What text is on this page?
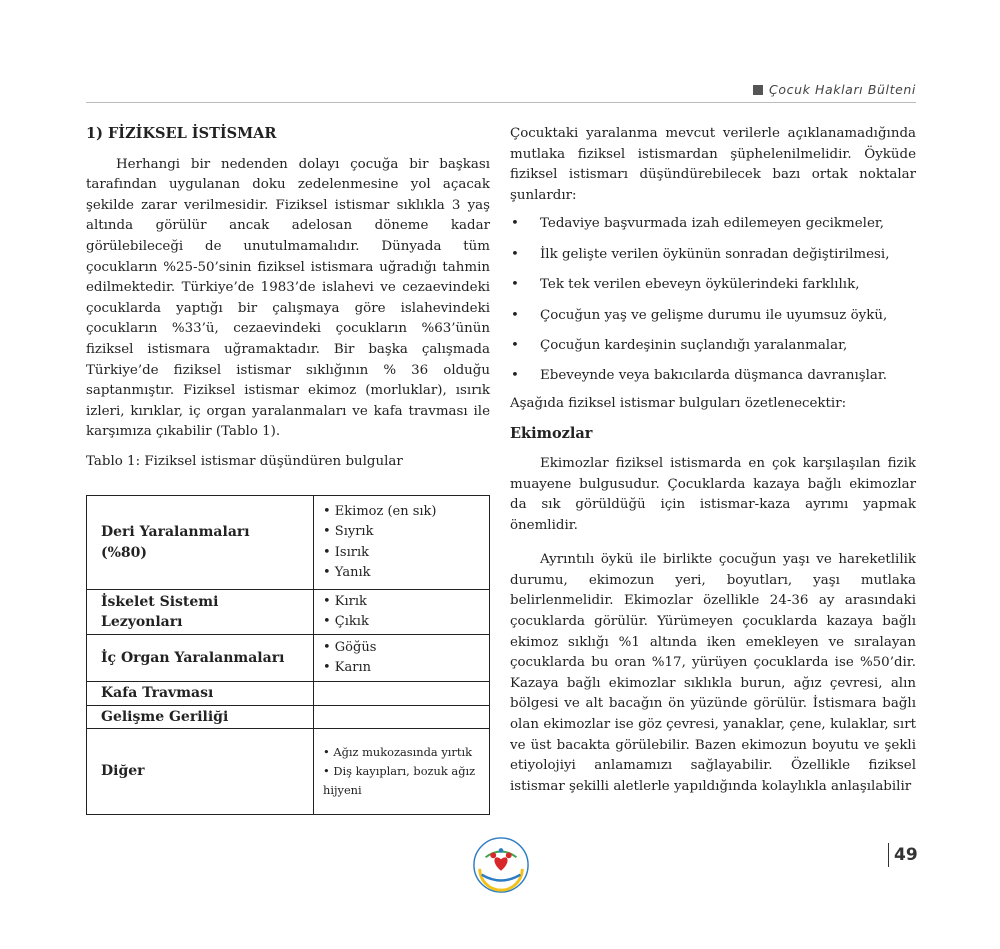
Çocuk Hakları Bülteni
1) FİZİKSEL İSTİSMAR

Herhangi bir nedenden dolayı çocuğa bir başkası tarafından uygulanan doku zedelenmesine yol açacak şekilde zarar verilmesidir. Fiziksel istismar sıklıkla 3 yaş altında görülür ancak adelosan döneme kadar görülebileceği de unutulmamalıdır. Dünyada tüm çocukların %25-50’sinin fiziksel istismara uğradığı tahmin edilmektedir. Türkiye’de 1983’de islahevi ve cezaevindeki çocuklarda yaptığı bir çalışmaya göre islahevindeki çocukların %33’ü, cezaevindeki çocukların %63’ünün fiziksel istismara uğramaktadır. Bir başka çalışmada Türkiye’de fiziksel istismar sıklığının % 36 olduğu saptanmıştır. Fiziksel istismar ekimoz (morluklar), ısırık izleri, kırıklar, iç organ yaralanmaları ve kafa travması ile karşımıza çıkabilir (Tablo 1).

Tablo 1: Fiziksel istismar düşündüren bulgular

Deri Yaralanmaları
(%80)	• Ekimoz (en sık)
• Sıyrık
• Isırık
• Yanık

İskelet Sistemi
Lezyonları	• Kırık
• Çıkık

İç Organ Yaralanmaları	• Göğüs
• Karın

Kafa Travması	
Gelişme Geriliği	
Diğer	• Ağız mukozasında yırtık
• Diş kayıpları, bozuk ağız hijyeni

Çocuktaki yaralanma mevcut verilerle açıklanamadığında mutlaka fiziksel istismardan şüphelenilmelidir. Öyküde fiziksel istismarı düşündürebilecek bazı ortak noktalar şunlardır:

• Tedaviye başvurmada izah edilemeyen gecikmeler,
• İlk gelişte verilen öykünün sonradan değiştirilmesi,
• Tek tek verilen ebeveyn öykülerindeki farklılık,
• Çocuğun yaş ve gelişme durumu ile uyumsuz öykü,
• Çocuğun kardeşinin suçlandığı yaralanmalar,
• Ebeveynde veya bakıcılarda düşmanca davranışlar.

Aşağıda fiziksel istismar bulguları özetlenecektir:

Ekimozlar

Ekimozlar fiziksel istismarda en çok karşılaşılan fizik muayene bulgusudur. Çocuklarda kazaya bağlı ekimozlar da sık görüldüğü için istismar-kaza ayrımı yapmak önemlidir.

Ayrıntılı öykü ile birlikte çocuğun yaşı ve hareketlilik durumu, ekimozun yeri, boyutları, yaşı mutlaka belirlenmelidir. Ekimozlar özellikle 24-36 ay arasındaki çocuklarda görülür. Yürümeyen çocuklarda kazaya bağlı ekimoz sıklığı %1 altında iken emekleyen ve sıralayan çocuklarda bu oran %17, yürüyen çocuklarda ise %50’dir. Kazaya bağlı ekimozlar sıklıkla burun, ağız çevresi, alın bölgesi ve alt bacağın ön yüzünde görülür. İstismara bağlı olan ekimozlar ise göz çevresi, yanaklar, çene, kulaklar, sırt ve üst bacakta görülebilir. Bazen ekimozun boyutu ve şekli etiyolojiyi anlamamızı sağlayabilir. Özellikle fiziksel istismar şekilli aletlerle yapıldığında kolaylıkla anlaşılabilir

49
